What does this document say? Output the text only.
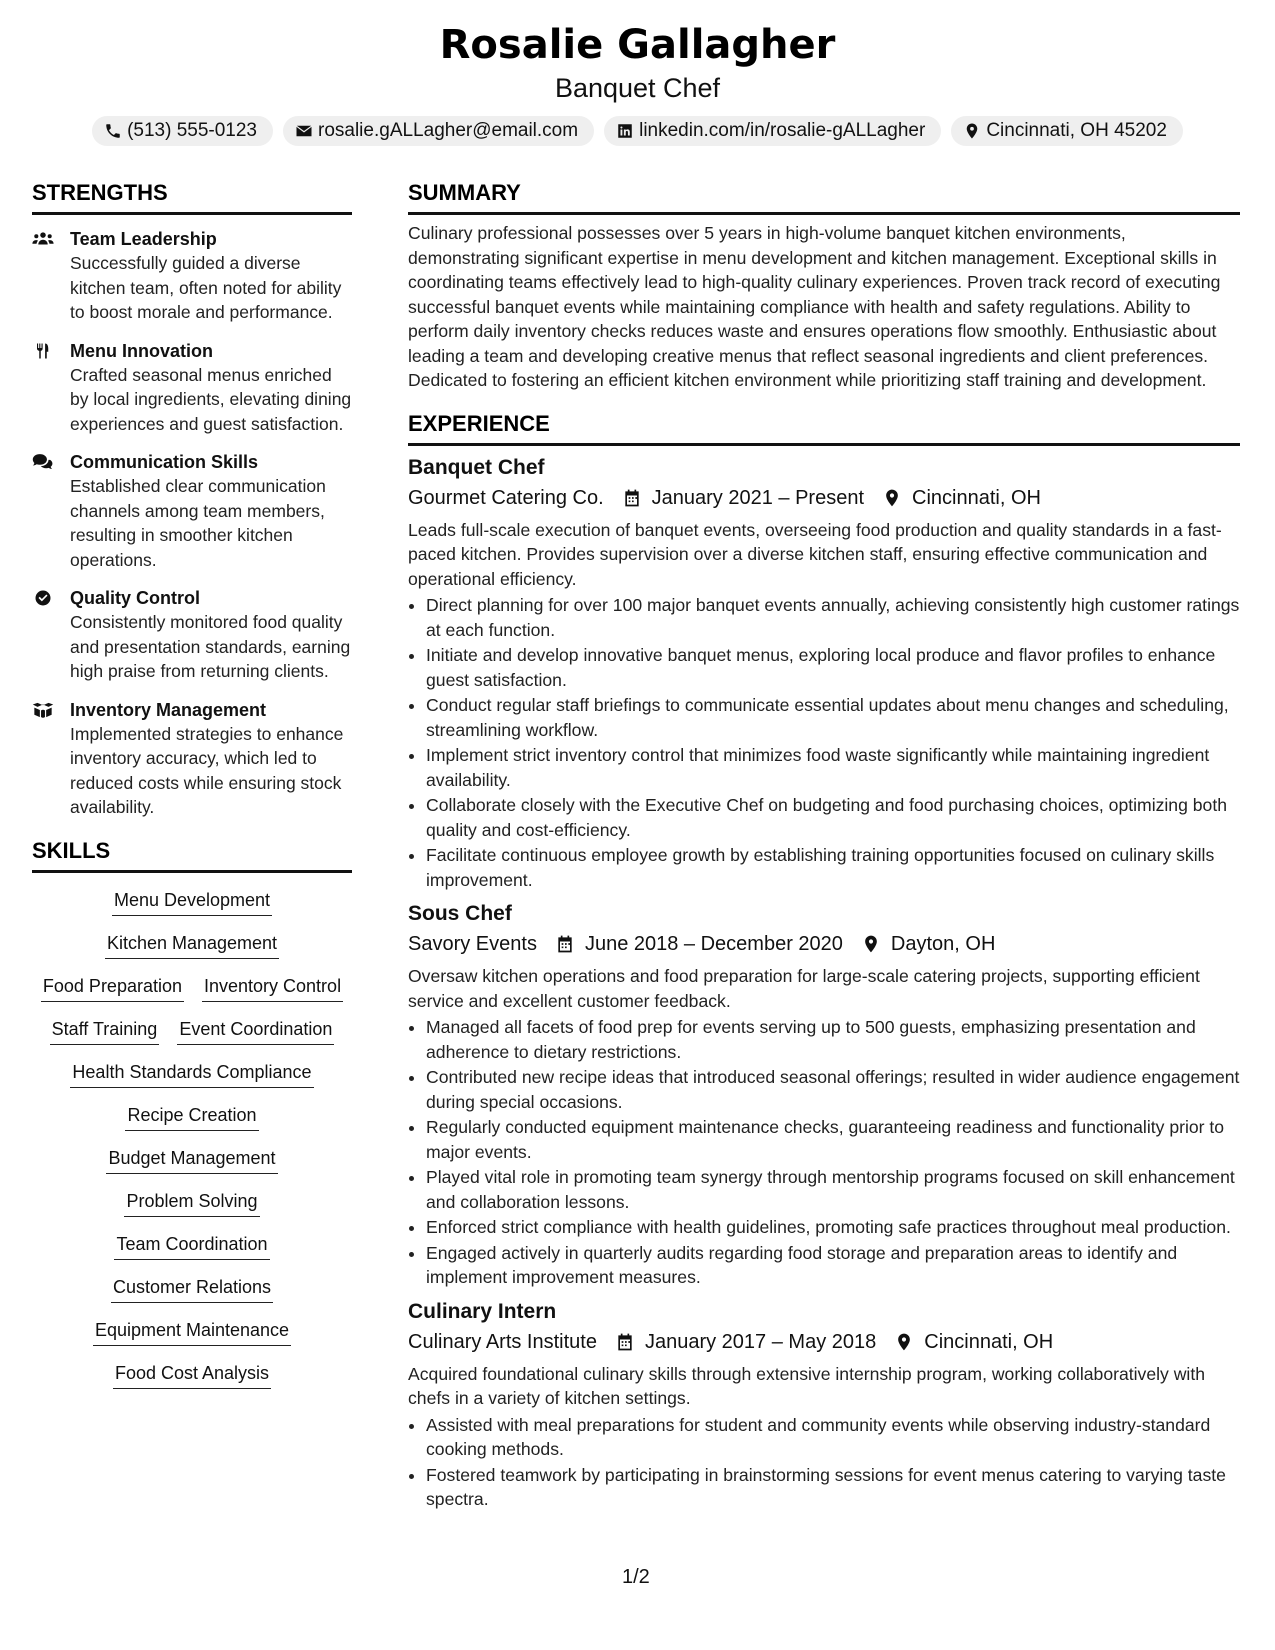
Rosalie Gallagher
Banquet Chef
(513) 555-0123	rosalie.gALLagher@email.com	linkedin.com/in/rosalie-gALLagher	Cincinnati, OH 45202
STRENGTHS
Team Leadership
Successfully guided a diverse kitchen team, often noted for ability to boost morale and performance.
Menu Innovation
Crafted seasonal menus enriched by local ingredients, elevating dining experiences and guest satisfaction.
Communication Skills
Established clear communication channels among team members, resulting in smoother kitchen operations.
Quality Control
Consistently monitored food quality and presentation standards, earning high praise from returning clients.
Inventory Management
Implemented strategies to enhance inventory accuracy, which led to reduced costs while ensuring stock availability.
SKILLS
Menu Development
Kitchen Management
Food Preparation Inventory Control
Staff Training Event Coordination
Health Standards Compliance
Recipe Creation
Budget Management
Problem Solving
Team Coordination
Customer Relations
Equipment Maintenance
Food Cost Analysis
SUMMARY
Culinary professional possesses over 5 years in high-volume banquet kitchen environments, demonstrating significant expertise in menu development and kitchen management. Exceptional skills in coordinating teams effectively lead to high-quality culinary experiences. Proven track record of executing successful banquet events while maintaining compliance with health and safety regulations. Ability to perform daily inventory checks reduces waste and ensures operations flow smoothly. Enthusiastic about leading a team and developing creative menus that reflect seasonal ingredients and client preferences. Dedicated to fostering an efficient kitchen environment while prioritizing staff training and development.
EXPERIENCE
Banquet Chef
Gourmet Catering Co. January 2021 – Present Cincinnati, OH
Leads full-scale execution of banquet events, overseeing food production and quality standards in a fast-paced kitchen. Provides supervision over a diverse kitchen staff, ensuring effective communication and operational efficiency.
• Direct planning for over 100 major banquet events annually, achieving consistently high customer ratings at each function.
• Initiate and develop innovative banquet menus, exploring local produce and flavor profiles to enhance guest satisfaction.
• Conduct regular staff briefings to communicate essential updates about menu changes and scheduling, streamlining workflow.
• Implement strict inventory control that minimizes food waste significantly while maintaining ingredient availability.
• Collaborate closely with the Executive Chef on budgeting and food purchasing choices, optimizing both quality and cost-efficiency.
• Facilitate continuous employee growth by establishing training opportunities focused on culinary skills improvement.
Sous Chef
Savory Events June 2018 – December 2020 Dayton, OH
Oversaw kitchen operations and food preparation for large-scale catering projects, supporting efficient service and excellent customer feedback.
• Managed all facets of food prep for events serving up to 500 guests, emphasizing presentation and adherence to dietary restrictions.
• Contributed new recipe ideas that introduced seasonal offerings; resulted in wider audience engagement during special occasions.
• Regularly conducted equipment maintenance checks, guaranteeing readiness and functionality prior to major events.
• Played vital role in promoting team synergy through mentorship programs focused on skill enhancement and collaboration lessons.
• Enforced strict compliance with health guidelines, promoting safe practices throughout meal production.
• Engaged actively in quarterly audits regarding food storage and preparation areas to identify and implement improvement measures.
Culinary Intern
Culinary Arts Institute January 2017 – May 2018 Cincinnati, OH
Acquired foundational culinary skills through extensive internship program, working collaboratively with chefs in a variety of kitchen settings.
• Assisted with meal preparations for student and community events while observing industry-standard cooking methods.
• Fostered teamwork by participating in brainstorming sessions for event menus catering to varying taste spectra.
1/2
